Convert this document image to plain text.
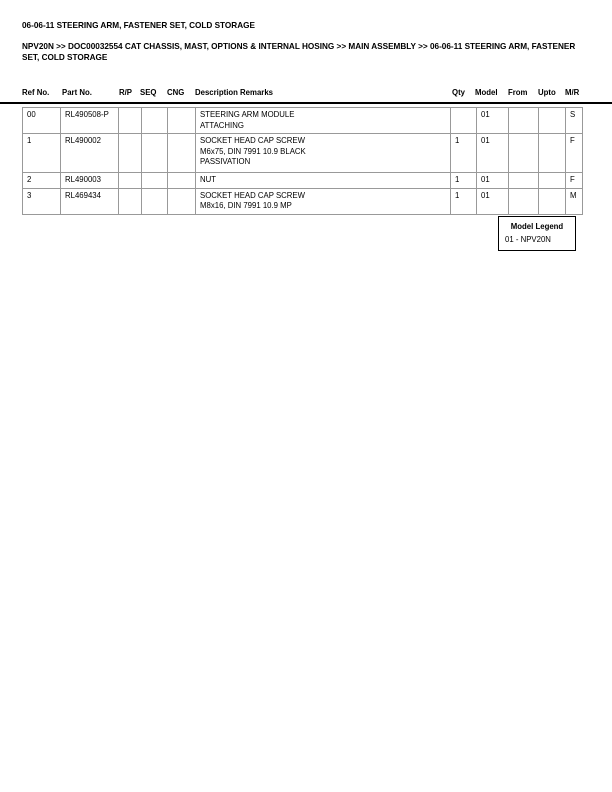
06-06-11 STEERING ARM, FASTENER SET, COLD STORAGE
NPV20N >> DOC00032554 CAT CHASSIS, MAST, OPTIONS & INTERNAL HOSING >> MAIN ASSEMBLY >> 06-06-11 STEERING ARM, FASTENER SET, COLD STORAGE
Ref No. Part No.	R/P SEQ CNG Description Remarks	Qty Model From Upto M/R
00	RL490508-P				STEERING ARM MODULE
ATTACHING		01			S
1	RL490002				SOCKET HEAD CAP SCREW
M6x75, DIN 7991 10.9 BLACK
PASSIVATION	1	01			F
2	RL490003				NUT	1	01			F
3	RL469434				SOCKET HEAD CAP SCREW
M8x16, DIN 7991 10.9 MP	1	01			M
Model Legend
01 - NPV20N
